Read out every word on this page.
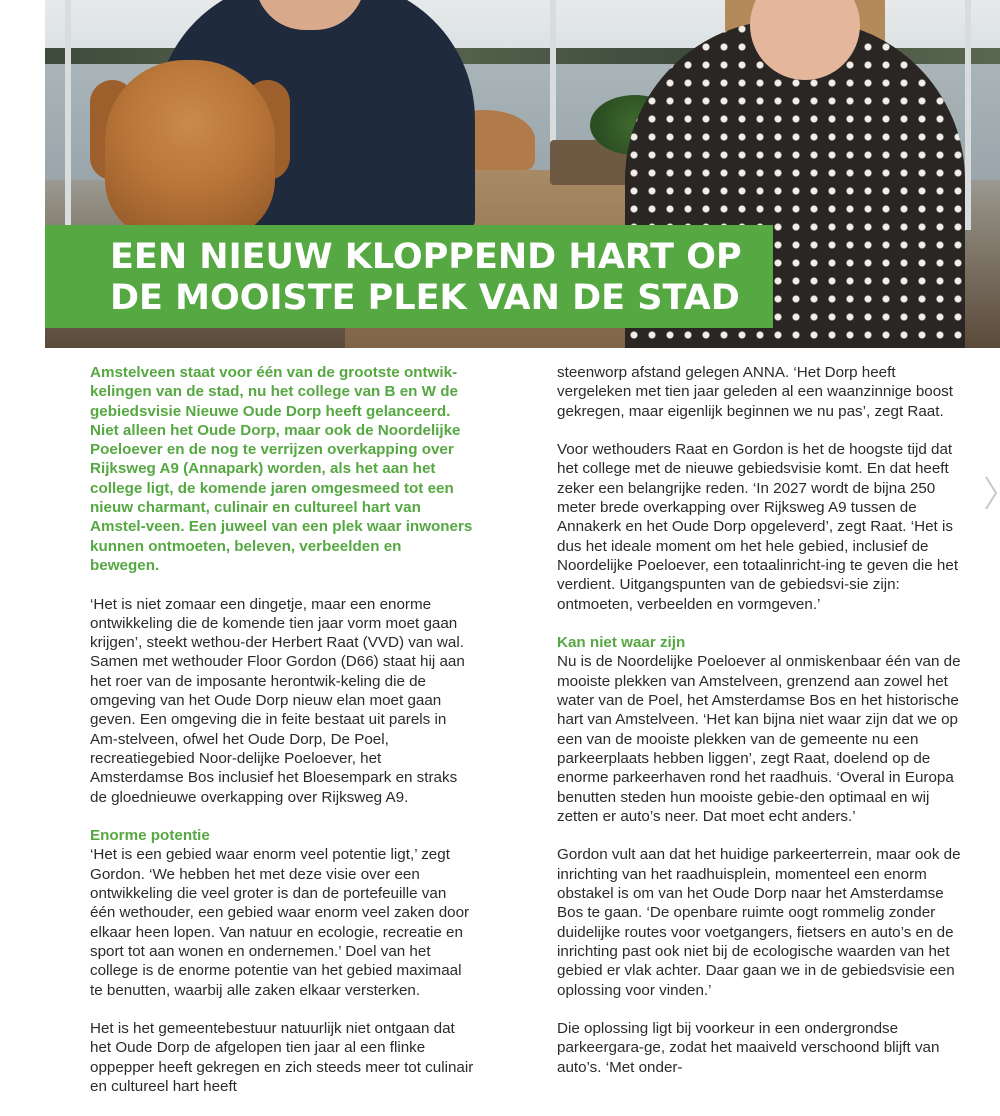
EEN NIEUW KLOPPEND HART OP
DE MOOISTE PLEK VAN DE STAD

Amstelveen staat voor één van de grootste ontwik-kelingen van de stad, nu het college van B en W de gebiedsvisie Nieuwe Oude Dorp heeft gelanceerd. Niet alleen het Oude Dorp, maar ook de Noordelijke Poeloever en de nog te verrijzen overkapping over Rijksweg A9 (Annapark) worden, als het aan het college ligt, de komende jaren omgesmeed tot een nieuw charmant, culinair en cultureel hart van Amstel-veen. Een juweel van een plek waar inwoners kunnen ontmoeten, beleven, verbeelden en bewegen.

‘Het is niet zomaar een dingetje, maar een enorme ontwikkeling die de komende tien jaar vorm moet gaan krijgen’, steekt wethou-der Herbert Raat (VVD) van wal. Samen met wethouder Floor Gordon (D66) staat hij aan het roer van de imposante herontwik-keling die de omgeving van het Oude Dorp nieuw elan moet gaan geven. Een omgeving die in feite bestaat uit parels in Am-stelveen, ofwel het Oude Dorp, De Poel, recreatiegebied Noor-delijke Poeloever, het Amsterdamse Bos inclusief het Bloesempark en straks de gloednieuwe overkapping over Rijksweg A9.

Enorme potentie

‘Het is een gebied waar enorm veel potentie ligt,’ zegt Gordon. ‘We hebben het met deze visie over een ontwikkeling die veel groter is dan de portefeuille van één wethouder, een gebied waar enorm veel zaken door elkaar heen lopen. Van natuur en ecologie, recreatie en sport tot aan wonen en ondernemen.’ Doel van het college is de enorme potentie van het gebied maximaal te benutten, waarbij alle zaken elkaar versterken.

Het is het gemeentebestuur natuurlijk niet ontgaan dat het Oude Dorp de afgelopen tien jaar al een flinke oppepper heeft gekregen en zich steeds meer tot culinair en cultureel hart heeft

steenworp afstand gelegen ANNA. ‘Het Dorp heeft vergeleken met tien jaar geleden al een waanzinnige boost gekregen, maar eigenlijk beginnen we nu pas’, zegt Raat.

Voor wethouders Raat en Gordon is het de hoogste tijd dat het college met de nieuwe gebiedsvisie komt. En dat heeft zeker een belangrijke reden. ‘In 2027 wordt de bijna 250 meter brede overkapping over Rijksweg A9 tussen de Annakerk en het Oude Dorp opgeleverd’, zegt Raat. ‘Het is dus het ideale moment om het hele gebied, inclusief de Noordelijke Poeloever, een totaalinricht-ing te geven die het verdient. Uitgangspunten van de gebiedsvi-sie zijn: ontmoeten, verbeelden en vormgeven.’

Kan niet waar zijn

Nu is de Noordelijke Poeloever al onmiskenbaar één van de mooiste plekken van Amstelveen, grenzend aan zowel het water van de Poel, het Amsterdamse Bos en het historische hart van Amstelveen. ‘Het kan bijna niet waar zijn dat we op een van de mooiste plekken van de gemeente nu een parkeerplaats hebben liggen’, zegt Raat, doelend op de enorme parkeerhaven rond het raadhuis. ‘Overal in Europa benutten steden hun mooiste gebie-den optimaal en wij zetten er auto’s neer. Dat moet echt anders.’

Gordon vult aan dat het huidige parkeerterrein, maar ook de inrichting van het raadhuisplein, momenteel een enorm obstakel is om van het Oude Dorp naar het Amsterdamse Bos te gaan. ‘De openbare ruimte oogt rommelig zonder duidelijke routes voor voetgangers, fietsers en auto’s en de inrichting past ook niet bij de ecologische waarden van het gebied er vlak achter. Daar gaan we in de gebiedsvisie een oplossing voor vinden.’

Die oplossing ligt bij voorkeur in een ondergrondse parkeergara-ge, zodat het maaiveld verschoond blijft van auto’s. ‘Met onder-
